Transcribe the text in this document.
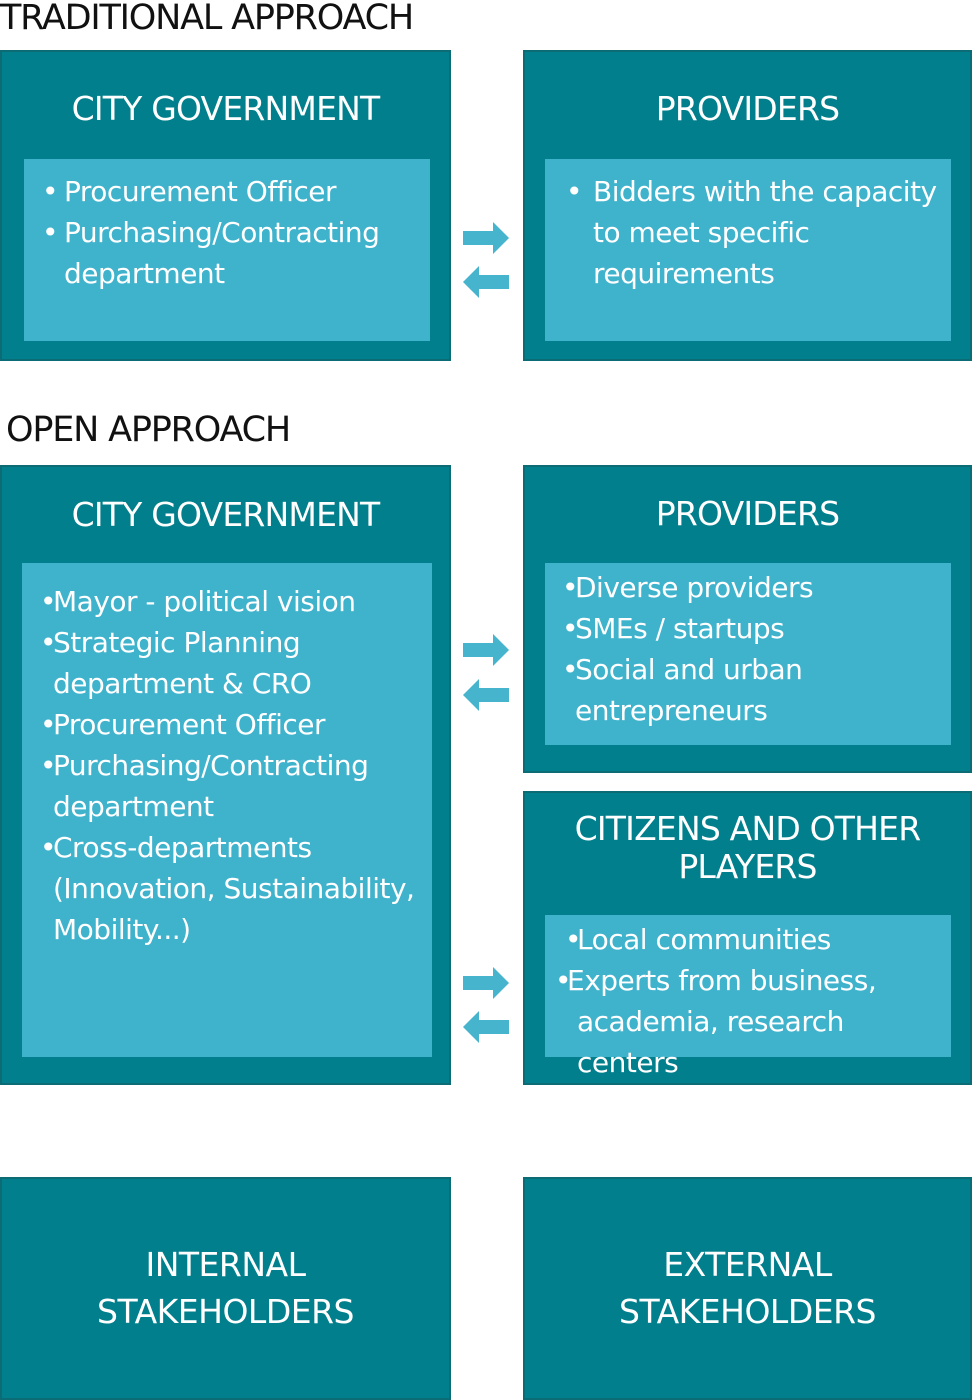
TRADITIONAL APPROACH
CITY GOVERNMENT
• Procurement Officer
• Purchasing/Contracting department
PROVIDERS
• Bidders with the capacity to meet specific requirements
OPEN APPROACH
CITY GOVERNMENT
• Mayor - political vision
• Strategic Planning department & CRO
• Procurement Officer
• Purchasing/Contracting department
• Cross-departments (Innovation, Sustainability, Mobility...)
PROVIDERS
• Diverse providers
• SMEs / startups
• Social and urban entrepreneurs
CITIZENS AND OTHER PLAYERS
• Local communities
• Experts from business, academia, research centers
INTERNAL STAKEHOLDERS
EXTERNAL STAKEHOLDERS
